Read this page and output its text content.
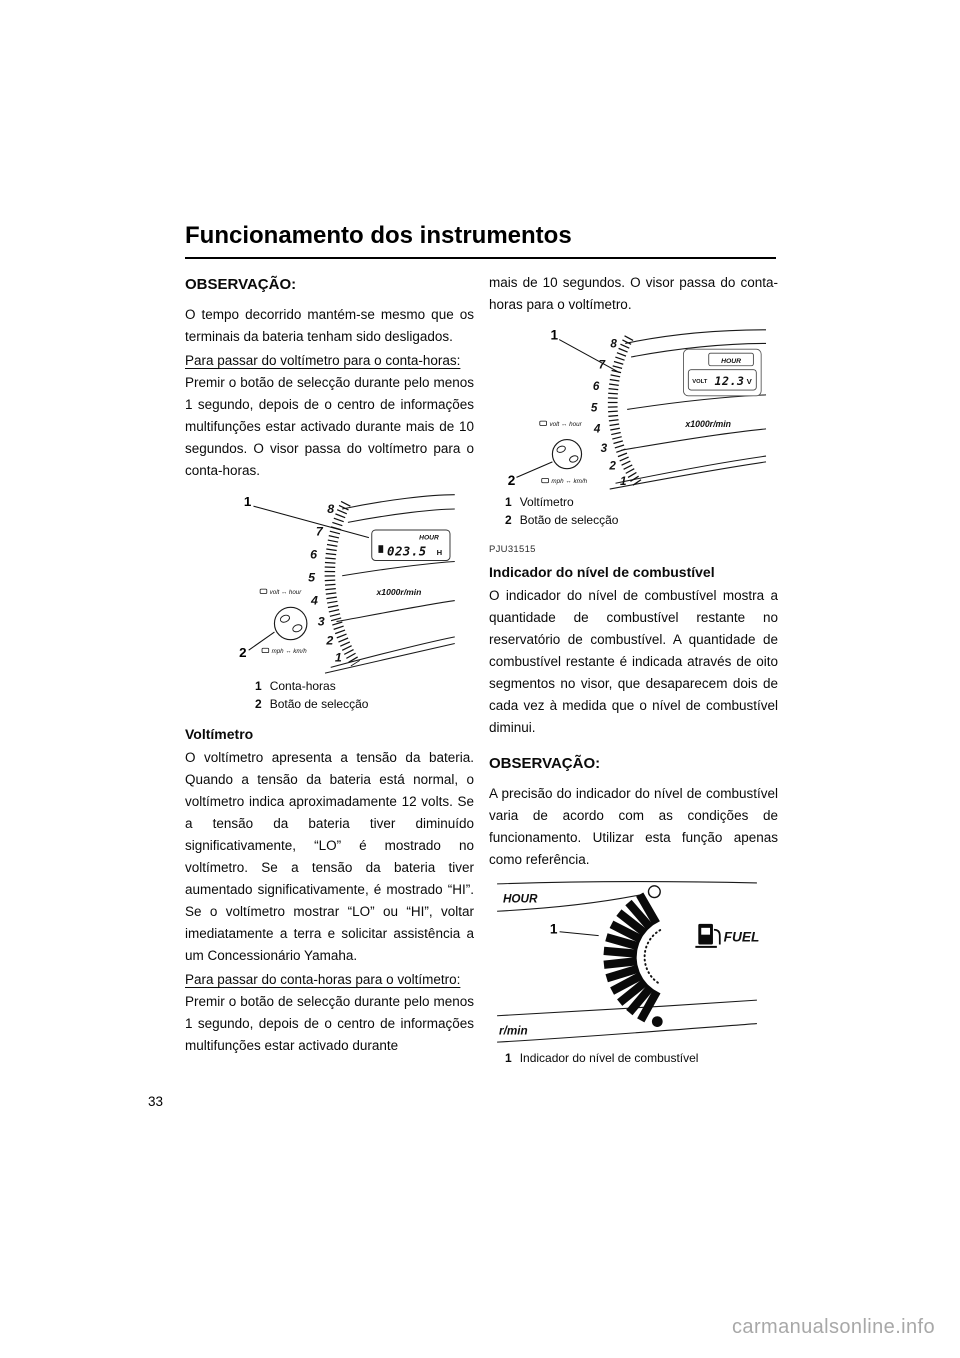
Funcionamento dos instrumentos
OBSERVAÇÃO:

O tempo decorrido mantém-se mesmo que os terminais da bateria tenham sido desligados.

Para passar do voltímetro para o conta-horas:

Premir o botão de selecção durante pelo menos 1 segundo, depois de o centro de informações multifunções estar activado durante mais de 10 segundos. O visor passa do voltímetro para o conta-horas.

8
7
6
5
4
3
2
1
HOUR
023.5 H
x1000r/min
volt ↔ hour
mph ↔ km/h
1
2
1 Conta-horas
2 Botão de selecção
Voltímetro

O voltímetro apresenta a tensão da bateria. Quando a tensão da bateria está normal, o voltímetro indica aproximadamente 12 volts. Se a tensão da bateria tiver diminuído significativamente, “LO” é mostrado no voltímetro. Se a tensão da bateria tiver aumentado significativamente, é mostrado “HI”. Se o voltímetro mostrar “LO” ou “HI”, voltar imediatamente a terra e solicitar assistência a um Concessionário Yamaha.

Para passar do conta-horas para o voltímetro:

Premir o botão de selecção durante pelo menos 1 segundo, depois de o centro de informações multifunções estar activado durante

mais de 10 segundos. O visor passa do conta-horas para o voltímetro.

8
7
6
5
4
3
2
1
HOUR
VOLT 12.3 V
x1000r/min
volt ↔ hour
mph ↔ km/h
1
2
1 Voltímetro
2 Botão de selecção

PJU31515

Indicador do nível de combustível

O indicador do nível de combustível mostra a quantidade de combustível restante no reservatório de combustível. A quantidade de combustível restante é indicada através de oito segmentos no visor, que desaparecem dois de cada vez à medida que o nível de combustível diminui.

OBSERVAÇÃO:

A precisão do indicador do nível de combustível varia de acordo com as condições de funcionamento. Utilizar esta função apenas como referência.

HOUR
FUEL
r/min
1
1 Indicador do nível de combustível
33
carmanualsonline.info
